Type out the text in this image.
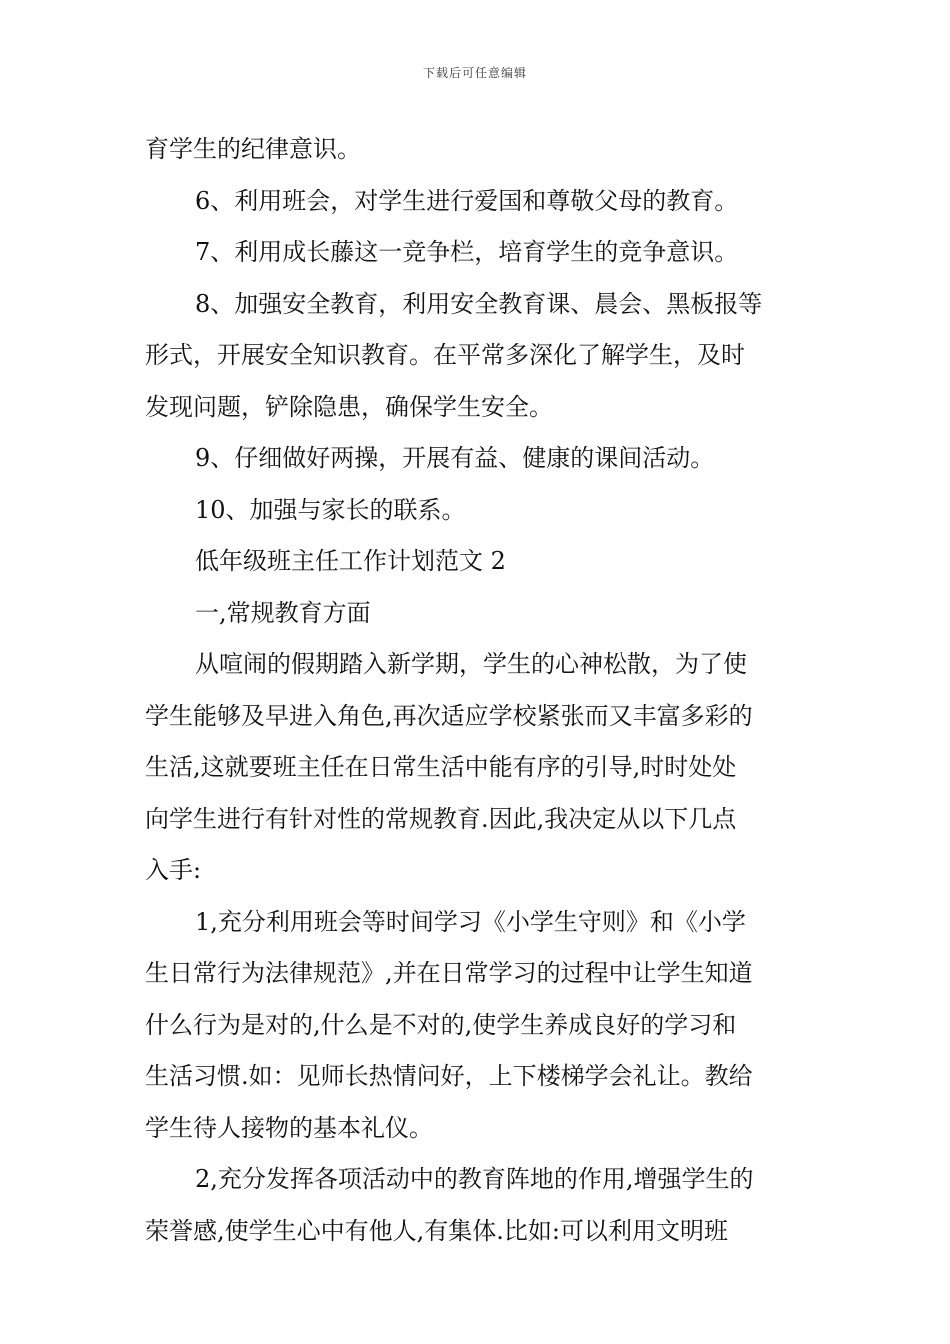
下载后可任意编辑
育学生的纪律意识。
6、利用班会，对学生进行爱国和尊敬父母的教育。
7、利用成长藤这一竞争栏，培育学生的竞争意识。
8、加强安全教育，利用安全教育课、晨会、黑板报等
形式，开展安全知识教育。在平常多深化了解学生，及时
发现问题，铲除隐患，确保学生安全。
9、仔细做好两操，开展有益、健康的课间活动。
10、加强与家长的联系。
低年级班主任工作计划范文 2
一,常规教育方面
从喧闹的假期踏入新学期，学生的心神松散，为了使
学生能够及早进入角色,再次适应学校紧张而又丰富多彩的
生活,这就要班主任在日常生活中能有序的引导,时时处处
向学生进行有针对性的常规教育.因此,我决定从以下几点
入手:
1,充分利用班会等时间学习《小学生守则》和《小学
生日常行为法律规范》,并在日常学习的过程中让学生知道
什么行为是对的,什么是不对的,使学生养成良好的学习和
生活习惯.如：见师长热情问好，上下楼梯学会礼让。教给
学生待人接物的基本礼仪。
2,充分发挥各项活动中的教育阵地的作用,增强学生的
荣誉感,使学生心中有他人,有集体.比如:可以利用文明班
